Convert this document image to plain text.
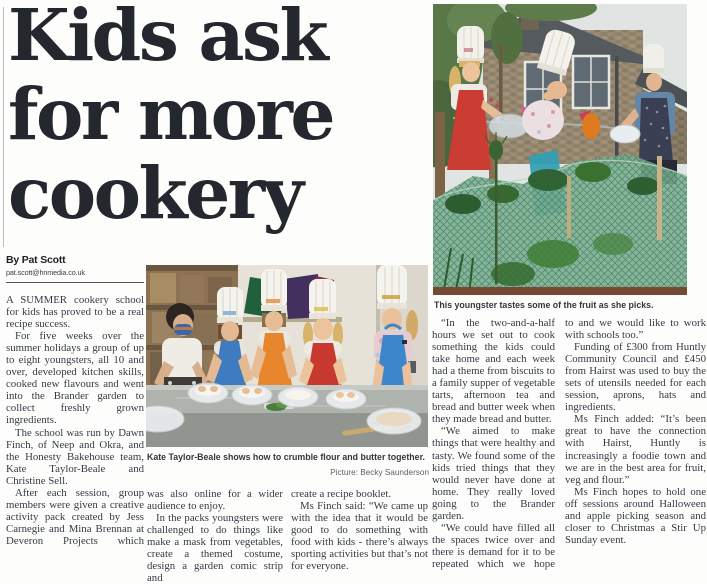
Kids ask
for more
cookery
By Pat Scott
pat.scott@hnmedia.co.uk
This youngster tastes some of the fruit as she picks.
Kate Taylor-Beale shows how to crumble flour and butter together.
Picture: Becky Saunderson

A SUMMER cookery school for kids has proved to be a real recipe success.

For five weeks over the summer holidays a group of up to eight youngsters, all 10 and over, developed kitchen skills, cooked new flavours and went into the Brander garden to collect freshly grown ingredients.

The school was run by Dawn Finch, of Neep and Okra, and the Honesty Bakehouse team, Kate Taylor-Beale and Christine Sell.

After each session, group members were given a creative activity pack created by Jess Carnegie and Mina Brennan at Deveron Projects which

was also online for a wider audience to enjoy.

In the packs youngsters were challenged to do things like make a mask from vegetables, create a themed costume, design a garden comic strip and

create a recipe booklet.

Ms Finch said: “We came up with the idea that it would be good to do something with food with kids - there’s always sporting activities but that’s not for everyone.

“In the two-and-a-half hours we set out to cook something the kids could take home and each week had a theme from biscuits to a family supper of vegetable tarts, afternoon tea and bread and butter week when they made bread and butter.

“We aimed to make things that were healthy and tasty. We found some of the kids tried things that they would never have done at home. They really loved going to the Brander garden.

“We could have filled all the spaces twice over and there is demand for it to be repeated which we hope

to and we would like to work with schools too.”

Funding of £300 from Huntly Community Council and £450 from Hairst was used to buy the sets of utensils needed for each session, aprons, hats and ingredients.

Ms Finch added: “It’s been great to have the connection with Hairst, Huntly is increasingly a foodie town and we are in the best area for fruit, veg and flour.”

Ms Finch hopes to hold one off sessions around Halloween and apple picking season and closer to Christmas a Stir Up Sunday event.
